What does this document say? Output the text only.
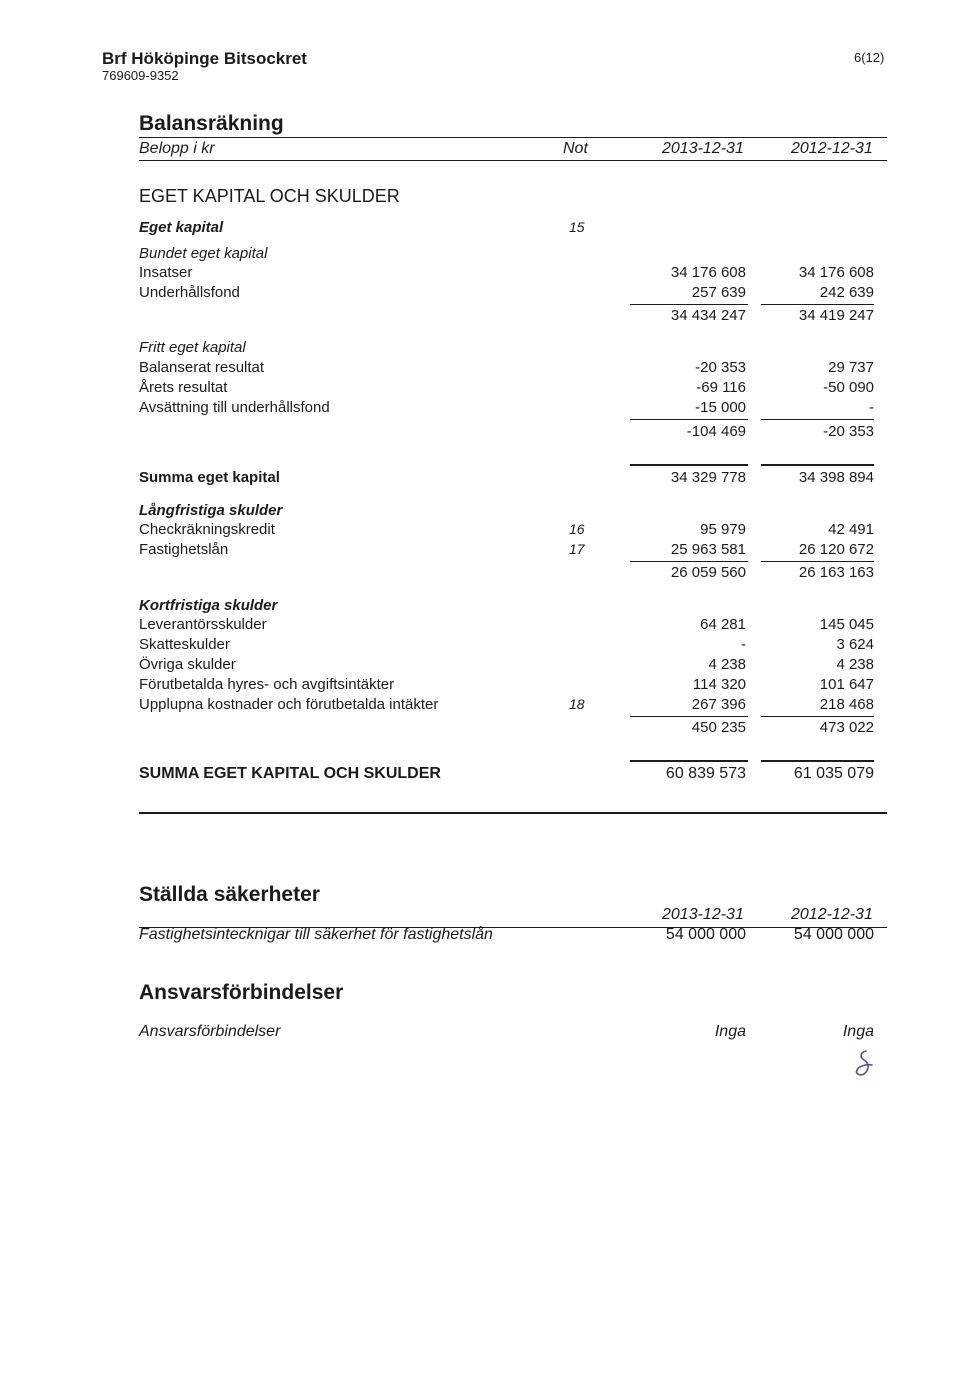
Brf Hököpinge Bitsockret
769609-9352
6(12)
Balansräkning
Belopp i kr	Not	2013-12-31	2012-12-31
EGET KAPITAL OCH SKULDER
Eget kapital	15
Bundet eget kapital
Insatser	34 176 608	34 176 608
Underhållsfond	257 639	242 639
34 434 247	34 419 247
Fritt eget kapital
Balanserat resultat	-20 353	29 737
Årets resultat	-69 116	-50 090
Avsättning till underhållsfond	-15 000	-
-104 469	-20 353
Summa eget kapital	34 329 778	34 398 894
Långfristiga skulder
Checkräkningskredit	16	95 979	42 491
Fastighetslån	17	25 963 581	26 120 672
26 059 560	26 163 163
Kortfristiga skulder
Leverantörsskulder	64 281	145 045
Skatteskulder	-	3 624
Övriga skulder	4 238	4 238
Förutbetalda hyres- och avgiftsintäkter	114 320	101 647
Upplupna kostnader och förutbetalda intäkter	18	267 396	218 468
450 235	473 022
SUMMA EGET KAPITAL OCH SKULDER	60 839 573	61 035 079
Ställda säkerheter
2013-12-31	2012-12-31
Fastighetsintecknigar till säkerhet för fastighetslån	54 000 000	54 000 000
Ansvarsförbindelser
Ansvarsförbindelser	Inga	Inga
